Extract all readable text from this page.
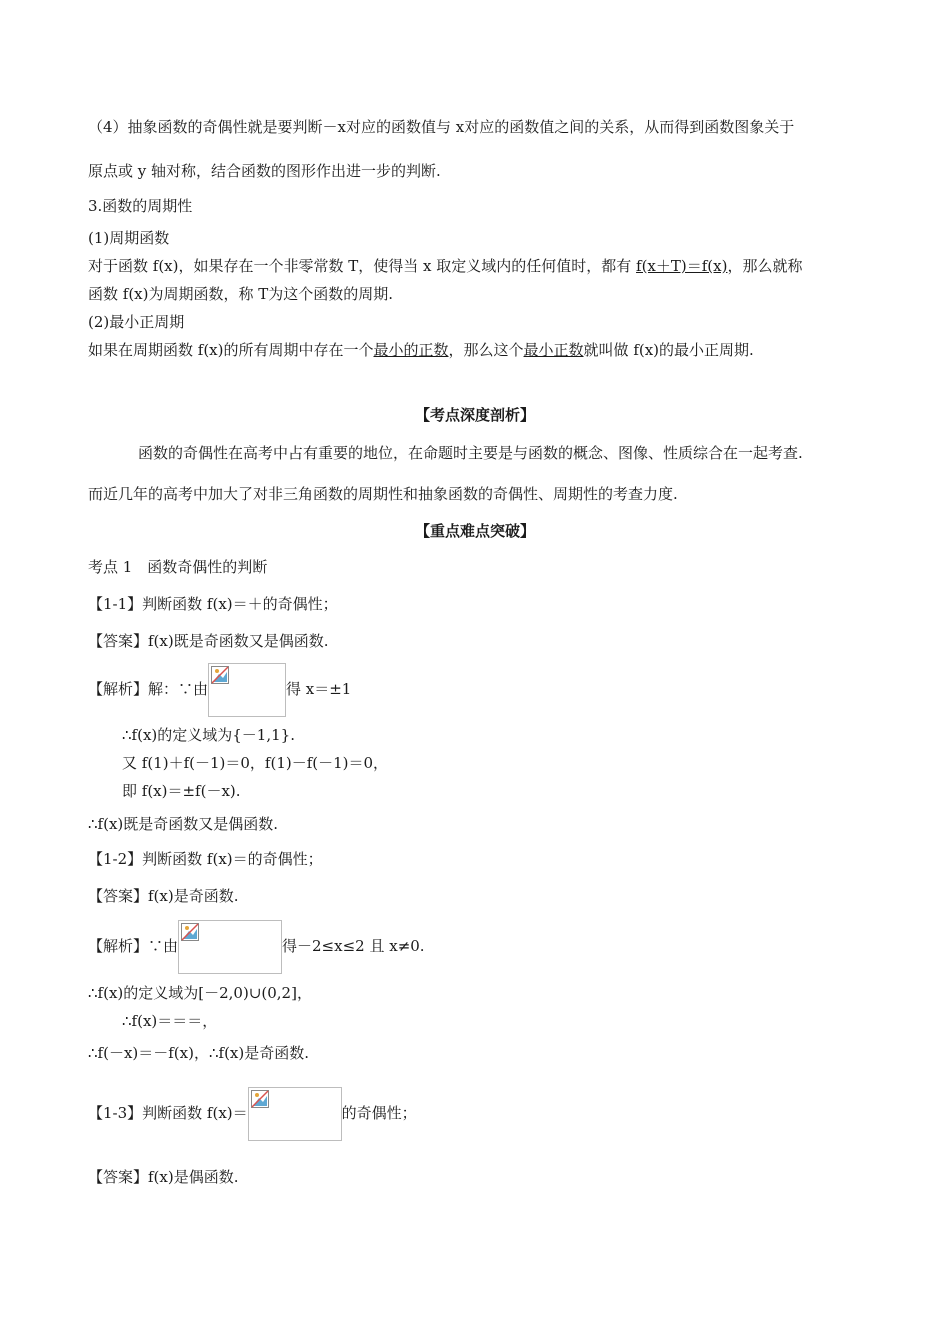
（4）抽象函数的奇偶性就是要判断－x对应的函数值与 x对应的函数值之间的关系，从而得到函数图象关于
原点或 y 轴对称，结合函数的图形作出进一步的判断.
3.函数的周期性
(1)周期函数
对于函数 f(x)，如果存在一个非零常数 T，使得当 x 取定义域内的任何值时，都有 f(x＋T)＝f(x)，那么就称
函数 f(x)为周期函数，称 T为这个函数的周期.
(2)最小正周期
如果在周期函数 f(x)的所有周期中存在一个最小的正数，那么这个最小正数就叫做 f(x)的最小正周期.
【考点深度剖析】
函数的奇偶性在高考中占有重要的地位，在命题时主要是与函数的概念、图像、性质综合在一起考查.
而近几年的高考中加大了对非三角函数的周期性和抽象函数的奇偶性、周期性的考查力度.
【重点难点突破】
考点 1　函数奇偶性的判断
【1-1】判断函数 f(x)＝＋的奇偶性；
【答案】f(x)既是奇函数又是偶函数.
【解析】解：∵由	得 x＝±1
∴f(x)的定义域为{－1,1}.
又 f(1)＋f(－1)＝0，f(1)－f(－1)＝0，
即 f(x)＝±f(－x).
∴f(x)既是奇函数又是偶函数.
【1-2】判断函数 f(x)＝的奇偶性；
【答案】f(x)是奇函数.
【解析】∵由	得－2≤x≤2 且 x≠0.
∴f(x)的定义域为[－2,0)∪(0,2]，
∴f(x)＝＝＝，
∴f(－x)＝－f(x)，∴f(x)是奇函数.
【1-3】判断函数 f(x)＝	的奇偶性；
【答案】f(x)是偶函数.
